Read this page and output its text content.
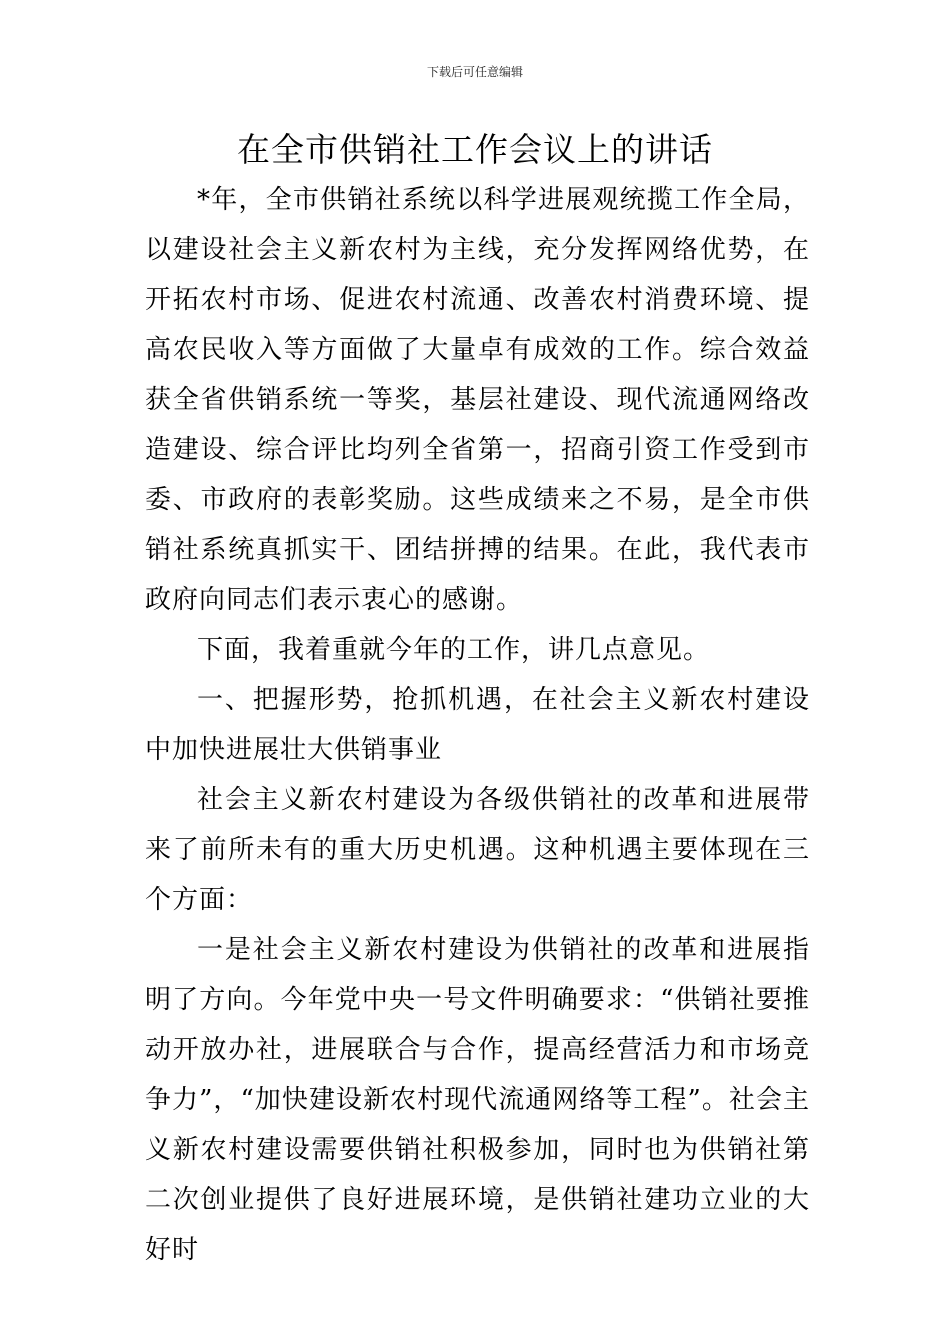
下载后可任意编辑
在全市供销社工作会议上的讲话

*年，全市供销社系统以科学进展观统揽工作全局，以建设社会主义新农村为主线，充分发挥网络优势，在开拓农村市场、促进农村流通、改善农村消费环境、提高农民收入等方面做了大量卓有成效的工作。综合效益获全省供销系统一等奖，基层社建设、现代流通网络改造建设、综合评比均列全省第一，招商引资工作受到市委、市政府的表彰奖励。这些成绩来之不易，是全市供销社系统真抓实干、团结拼搏的结果。在此，我代表市政府向同志们表示衷心的感谢。

下面，我着重就今年的工作，讲几点意见。

一、把握形势，抢抓机遇，在社会主义新农村建设中加快进展壮大供销事业

社会主义新农村建设为各级供销社的改革和进展带来了前所未有的重大历史机遇。这种机遇主要体现在三个方面：

一是社会主义新农村建设为供销社的改革和进展指明了方向。今年党中央一号文件明确要求：“供销社要推动开放办社，进展联合与合作，提高经营活力和市场竞争力”，“加快建设新农村现代流通网络等工程”。社会主义新农村建设需要供销社积极参加，同时也为供销社第二次创业提供了良好进展环境，是供销社建功立业的大好时
